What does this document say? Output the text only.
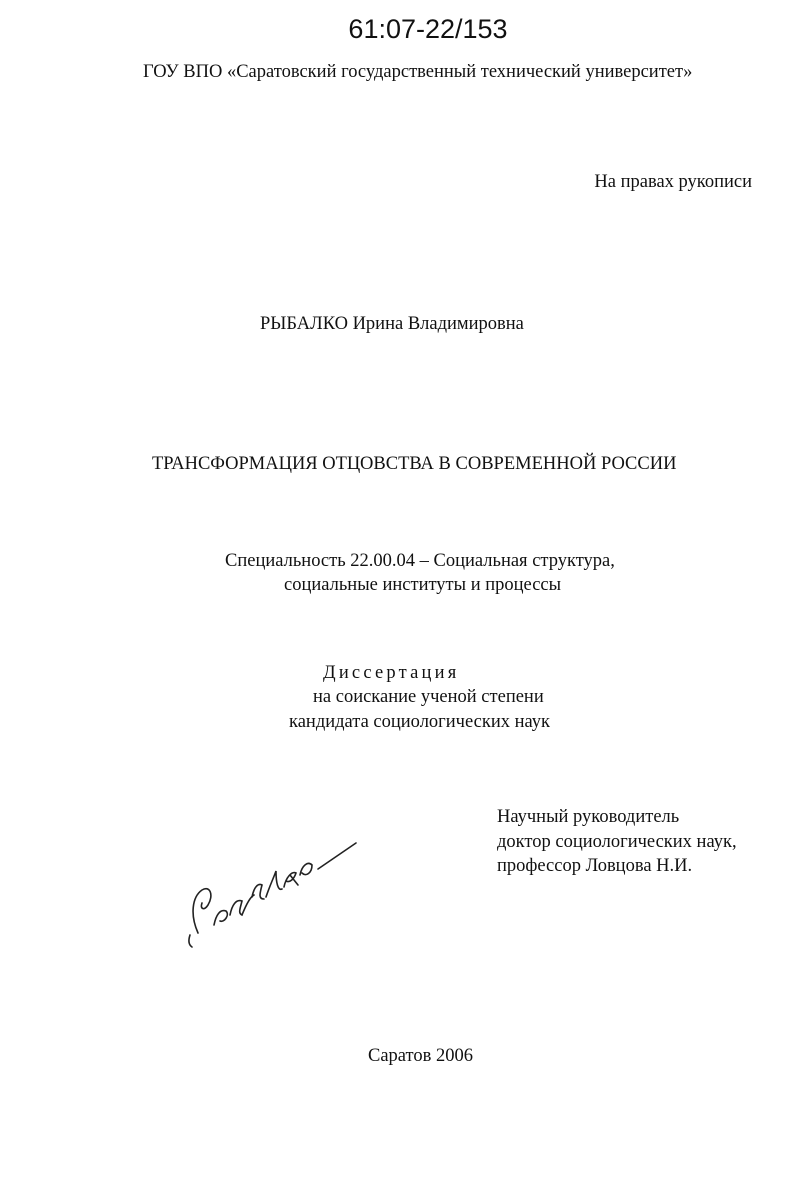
61:07-22/153
ГОУ ВПО «Саратовский государственный технический университет»
На правах рукописи
РЫБАЛКО Ирина Владимировна
ТРАНСФОРМАЦИЯ ОТЦОВСТВА В СОВРЕМЕННОЙ РОССИИ
Специальность 22.00.04 – Социальная структура,
социальные институты и процессы
Диссертация
на соискание ученой степени
кандидата социологических наук
Научный руководитель
доктор социологических наук,
профессор Ловцова Н.И.
Саратов 2006
